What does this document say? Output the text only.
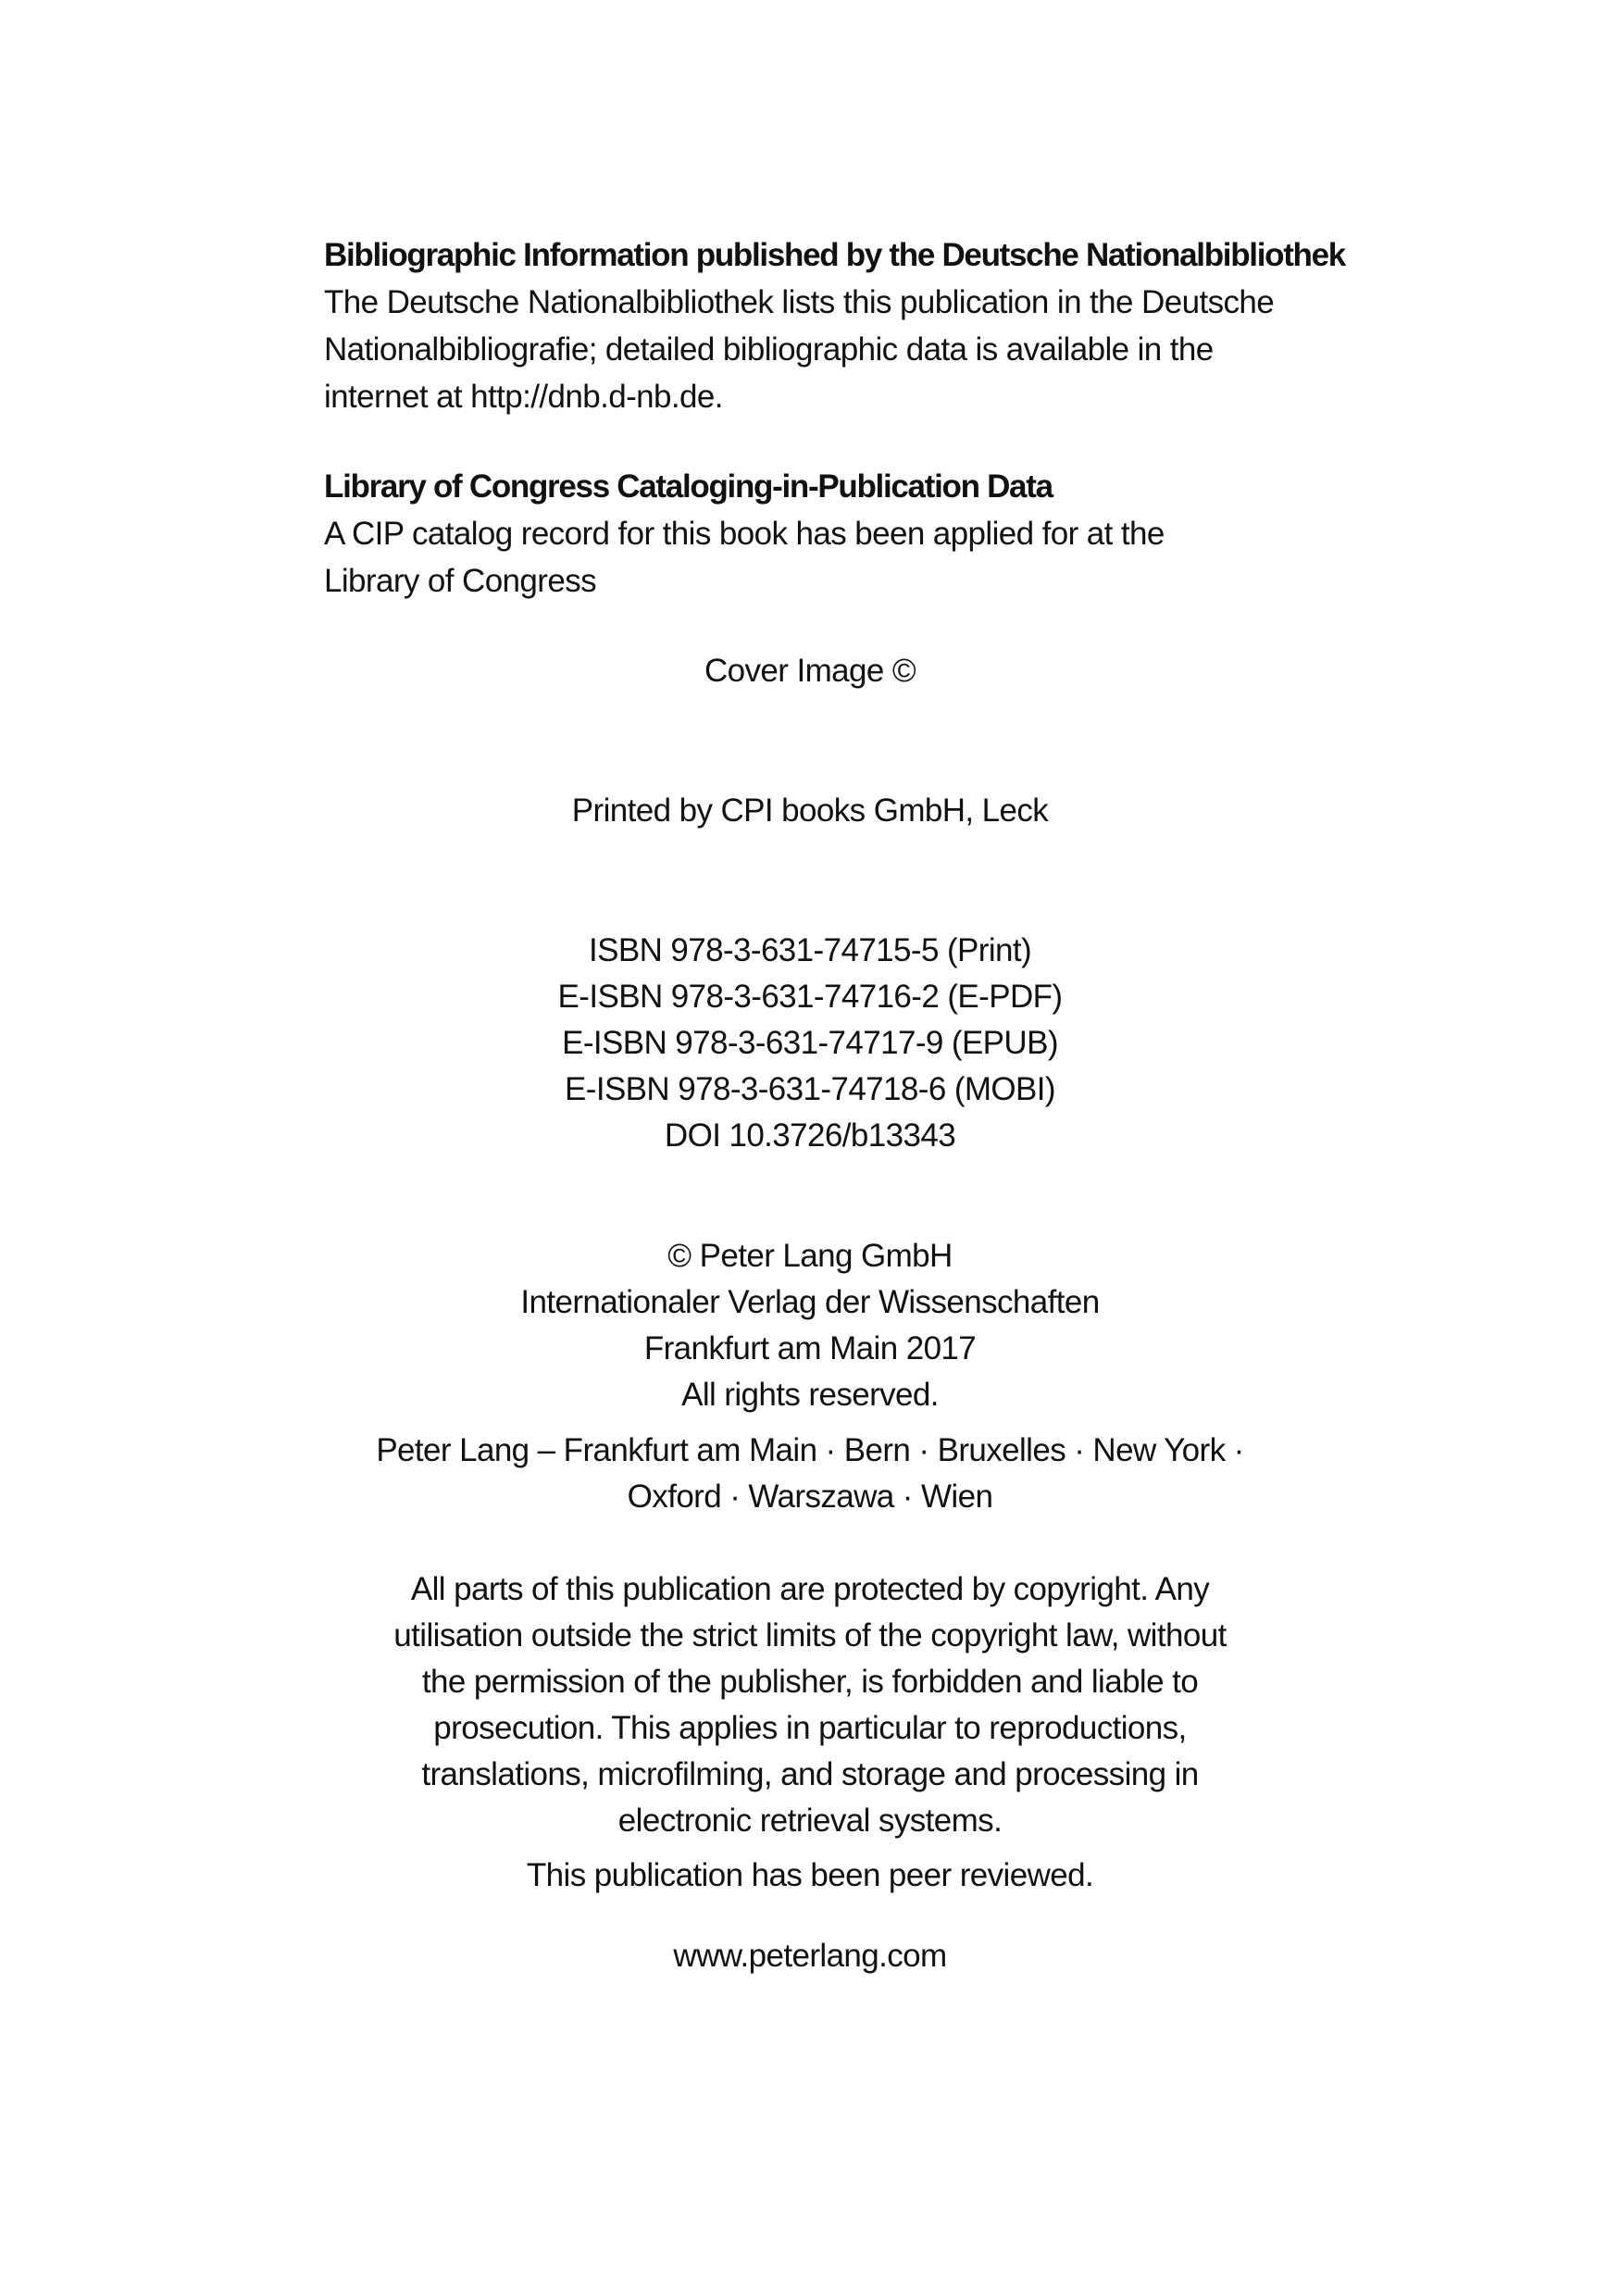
Bibliographic Information published by the Deutsche Nationalbibliothek

The Deutsche Nationalbibliothek lists this publication in the Deutsche

Nationalbibliografie; detailed bibliographic data is available in the

internet at http://dnb.d-nb.de.

Library of Congress Cataloging-in-Publication Data

A CIP catalog record for this book has been applied for at the

Library of Congress

Cover Image ©
Printed by CPI books GmbH, Leck
ISBN 978-3-631-74715-5 (Print)
E-ISBN 978-3-631-74716-2 (E-PDF)
E-ISBN 978-3-631-74717-9 (EPUB)
E-ISBN 978-3-631-74718-6 (MOBI)
DOI 10.3726/b13343
© Peter Lang GmbH
Internationaler Verlag der Wissenschaften
Frankfurt am Main 2017
All rights reserved.
Peter Lang – Frankfurt am Main · Bern · Bruxelles · New York ·
Oxford · Warszawa · Wien
All parts of this publication are protected by copyright. Any
utilisation outside the strict limits of the copyright law, without
the permission of the publisher, is forbidden and liable to
prosecution. This applies in particular to reproductions,
translations, microfilming, and storage and processing in
electronic retrieval systems.
This publication has been peer reviewed.
www.peterlang.com
